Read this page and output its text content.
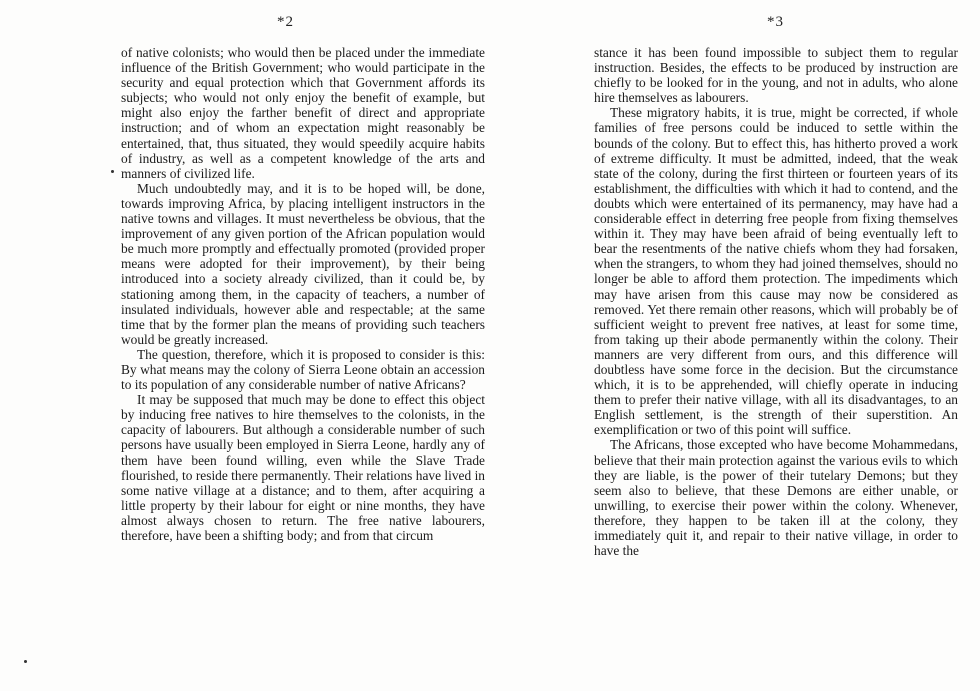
*2

of native colonists; who would then be placed under the immediate influence of the British Government; who would participate in the security and equal protection which that Government affords its subjects; who would not only enjoy the benefit of example, but might also enjoy the farther benefit of direct and appropriate instruction; and of whom an expectation might reasonably be entertained, that, thus situated, they would speedily acquire habits of industry, as well as a competent knowledge of the arts and manners of civilized life.

Much undoubtedly may, and it is to be hoped will, be done, towards improving Africa, by placing intelligent instructors in the native towns and villages. It must nevertheless be obvious, that the improvement of any given portion of the African population would be much more promptly and effectually promoted (provided proper means were adopted for their improvement), by their being introduced into a society already civilized, than it could be, by stationing among them, in the capacity of teachers, a number of insulated individuals, however able and respectable; at the same time that by the former plan the means of providing such teachers would be greatly increased.

The question, therefore, which it is proposed to consider is this: By what means may the colony of Sierra Leone obtain an accession to its population of any considerable number of native Africans?

It may be supposed that much may be done to effect this object by inducing free natives to hire themselves to the colonists, in the capacity of labourers. But although a considerable number of such persons have usually been employed in Sierra Leone, hardly any of them have been found willing, even while the Slave Trade flourished, to reside there permanently. Their relations have lived in some native village at a distance; and to them, after acquiring a little property by their labour for eight or nine months, they have almost always chosen to return. The free native labourers, therefore, have been a shifting body; and from that circum

*3

stance it has been found impossible to subject them to regular instruction. Besides, the effects to be produced by instruction are chiefly to be looked for in the young, and not in adults, who alone hire themselves as labourers.

These migratory habits, it is true, might be corrected, if whole families of free persons could be induced to settle within the bounds of the colony. But to effect this, has hitherto proved a work of extreme difficulty. It must be admitted, indeed, that the weak state of the colony, during the first thirteen or fourteen years of its establishment, the difficulties with which it had to contend, and the doubts which were entertained of its permanency, may have had a considerable effect in deterring free people from fixing themselves within it. They may have been afraid of being eventually left to bear the resentments of the native chiefs whom they had forsaken, when the strangers, to whom they had joined themselves, should no longer be able to afford them protection. The impediments which may have arisen from this cause may now be considered as removed. Yet there remain other reasons, which will probably be of sufficient weight to prevent free natives, at least for some time, from taking up their abode permanently within the colony. Their manners are very different from ours, and this difference will doubtless have some force in the decision. But the circumstance which, it is to be apprehended, will chiefly operate in inducing them to prefer their native village, with all its disadvantages, to an English settlement, is the strength of their superstition. An exemplification or two of this point will suffice.

The Africans, those excepted who have become Mohammedans, believe that their main protection against the various evils to which they are liable, is the power of their tutelary Demons; but they seem also to believe, that these Demons are either unable, or unwilling, to exercise their power within the colony. Whenever, therefore, they happen to be taken ill at the colony, they immediately quit it, and repair to their native village, in order to have the
